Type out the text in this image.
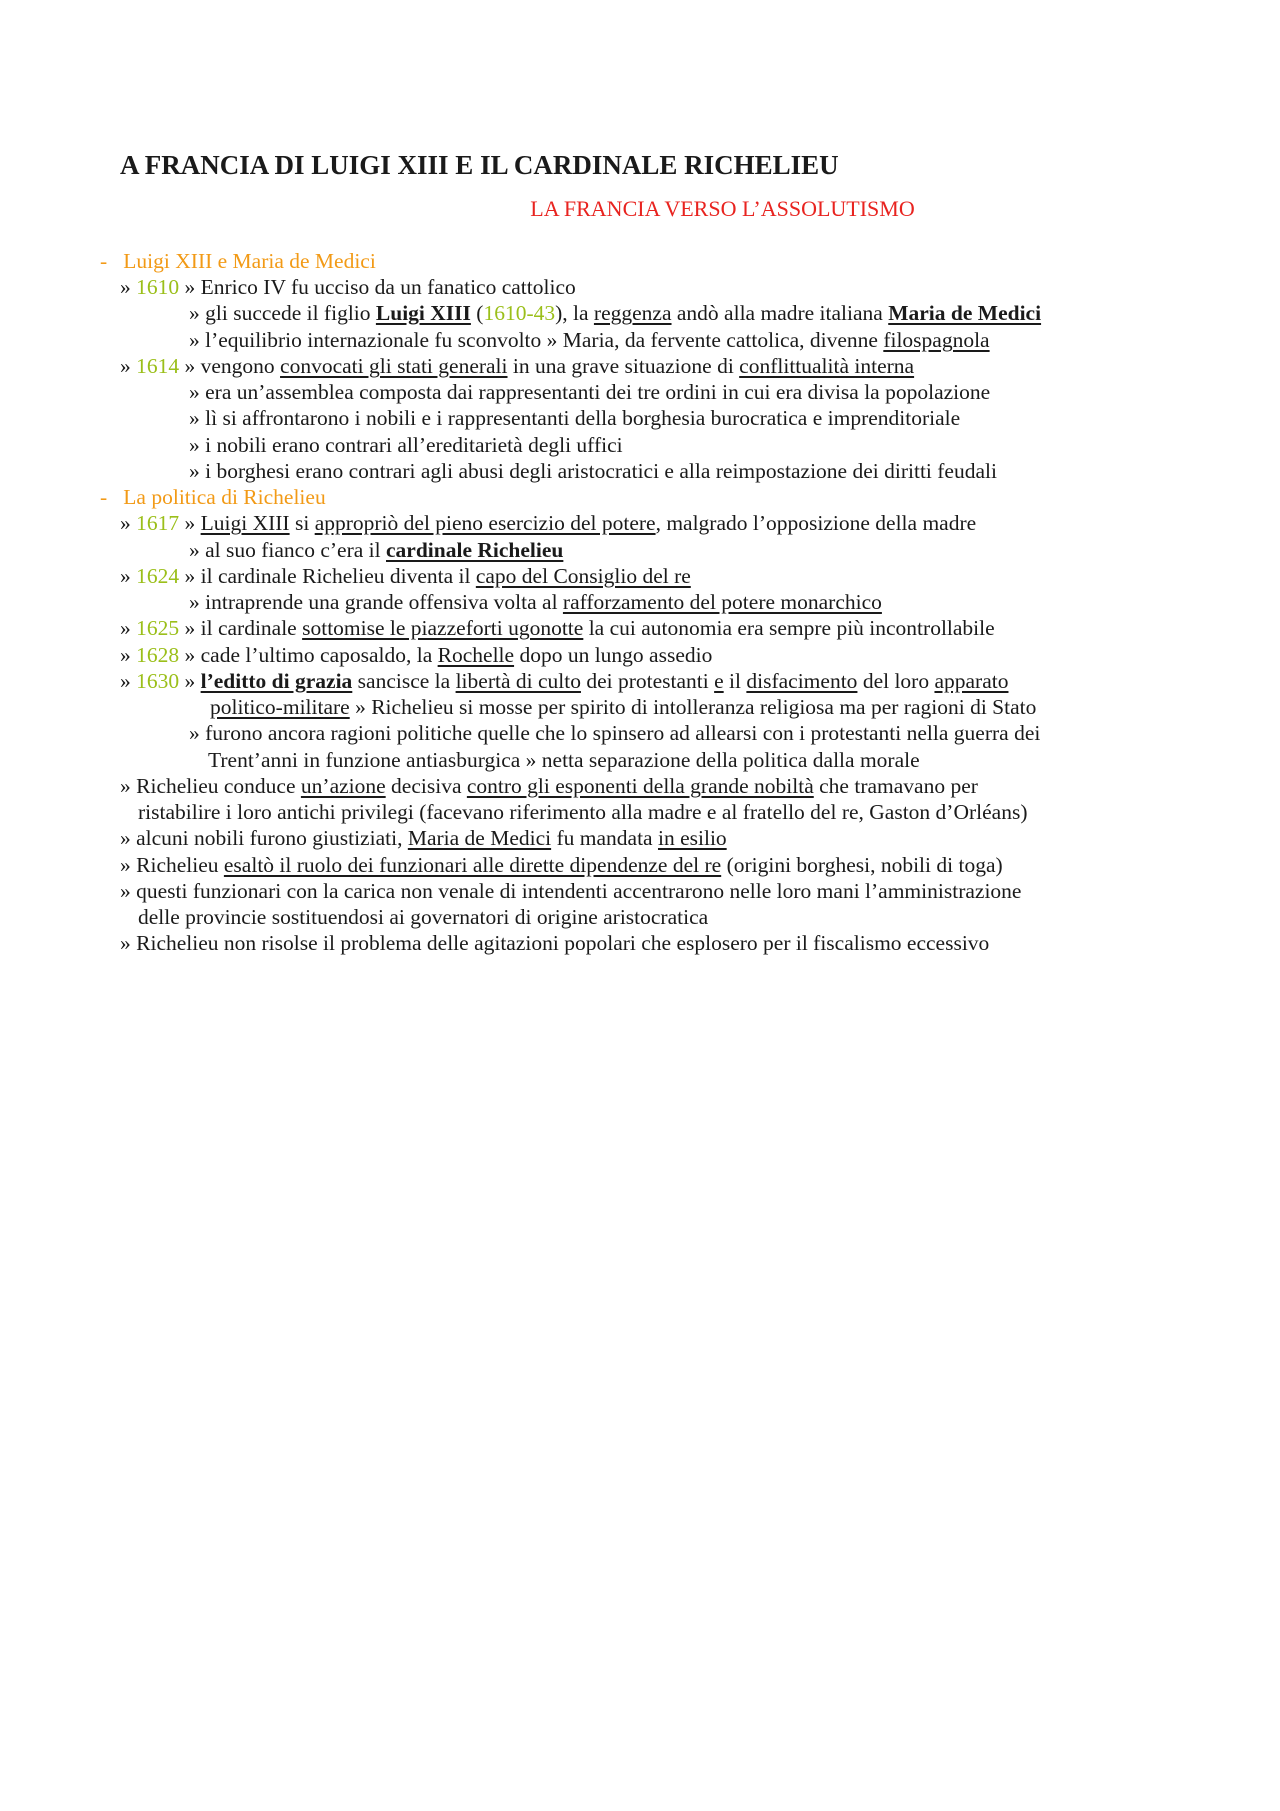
A FRANCIA DI LUIGI XIII E IL CARDINALE RICHELIEU
LA FRANCIA VERSO L’ASSOLUTISMO
- Luigi XIII e Maria de Medici
» 1610 » Enrico IV fu ucciso da un fanatico cattolico
» gli succede il figlio Luigi XIII (1610-43), la reggenza andò alla madre italiana Maria de Medici
» l’equilibrio internazionale fu sconvolto » Maria, da fervente cattolica, divenne filospagnola
» 1614 » vengono convocati gli stati generali in una grave situazione di conflittualità interna
» era un’assemblea composta dai rappresentanti dei tre ordini in cui era divisa la popolazione
» lì si affrontarono i nobili e i rappresentanti della borghesia burocratica e imprenditoriale
» i nobili erano contrari all’ereditarietà degli uffici
» i borghesi erano contrari agli abusi degli aristocratici e alla reimpostazione dei diritti feudali
- La politica di Richelieu
» 1617 » Luigi XIII si appropriò del pieno esercizio del potere, malgrado l’opposizione della madre
» al suo fianco c’era il cardinale Richelieu
» 1624 » il cardinale Richelieu diventa il capo del Consiglio del re
» intraprende una grande offensiva volta al rafforzamento del potere monarchico
» 1625 » il cardinale sottomise le piazzeforti ugonotte la cui autonomia era sempre più incontrollabile
» 1628 » cade l’ultimo caposaldo, la Rochelle dopo un lungo assedio
» 1630 » l’editto di grazia sancisce la libertà di culto dei protestanti e il disfacimento del loro apparato
politico-militare » Richelieu si mosse per spirito di intolleranza religiosa ma per ragioni di Stato
» furono ancora ragioni politiche quelle che lo spinsero ad allearsi con i protestanti nella guerra dei
Trent’anni in funzione antiasburgica » netta separazione della politica dalla morale
» Richelieu conduce un’azione decisiva contro gli esponenti della grande nobiltà che tramavano per
ristabilire i loro antichi privilegi (facevano riferimento alla madre e al fratello del re, Gaston d’Orléans)
» alcuni nobili furono giustiziati, Maria de Medici fu mandata in esilio
» Richelieu esaltò il ruolo dei funzionari alle dirette dipendenze del re (origini borghesi, nobili di toga)
» questi funzionari con la carica non venale di intendenti accentrarono nelle loro mani l’amministrazione
delle provincie sostituendosi ai governatori di origine aristocratica
» Richelieu non risolse il problema delle agitazioni popolari che esplosero per il fiscalismo eccessivo
